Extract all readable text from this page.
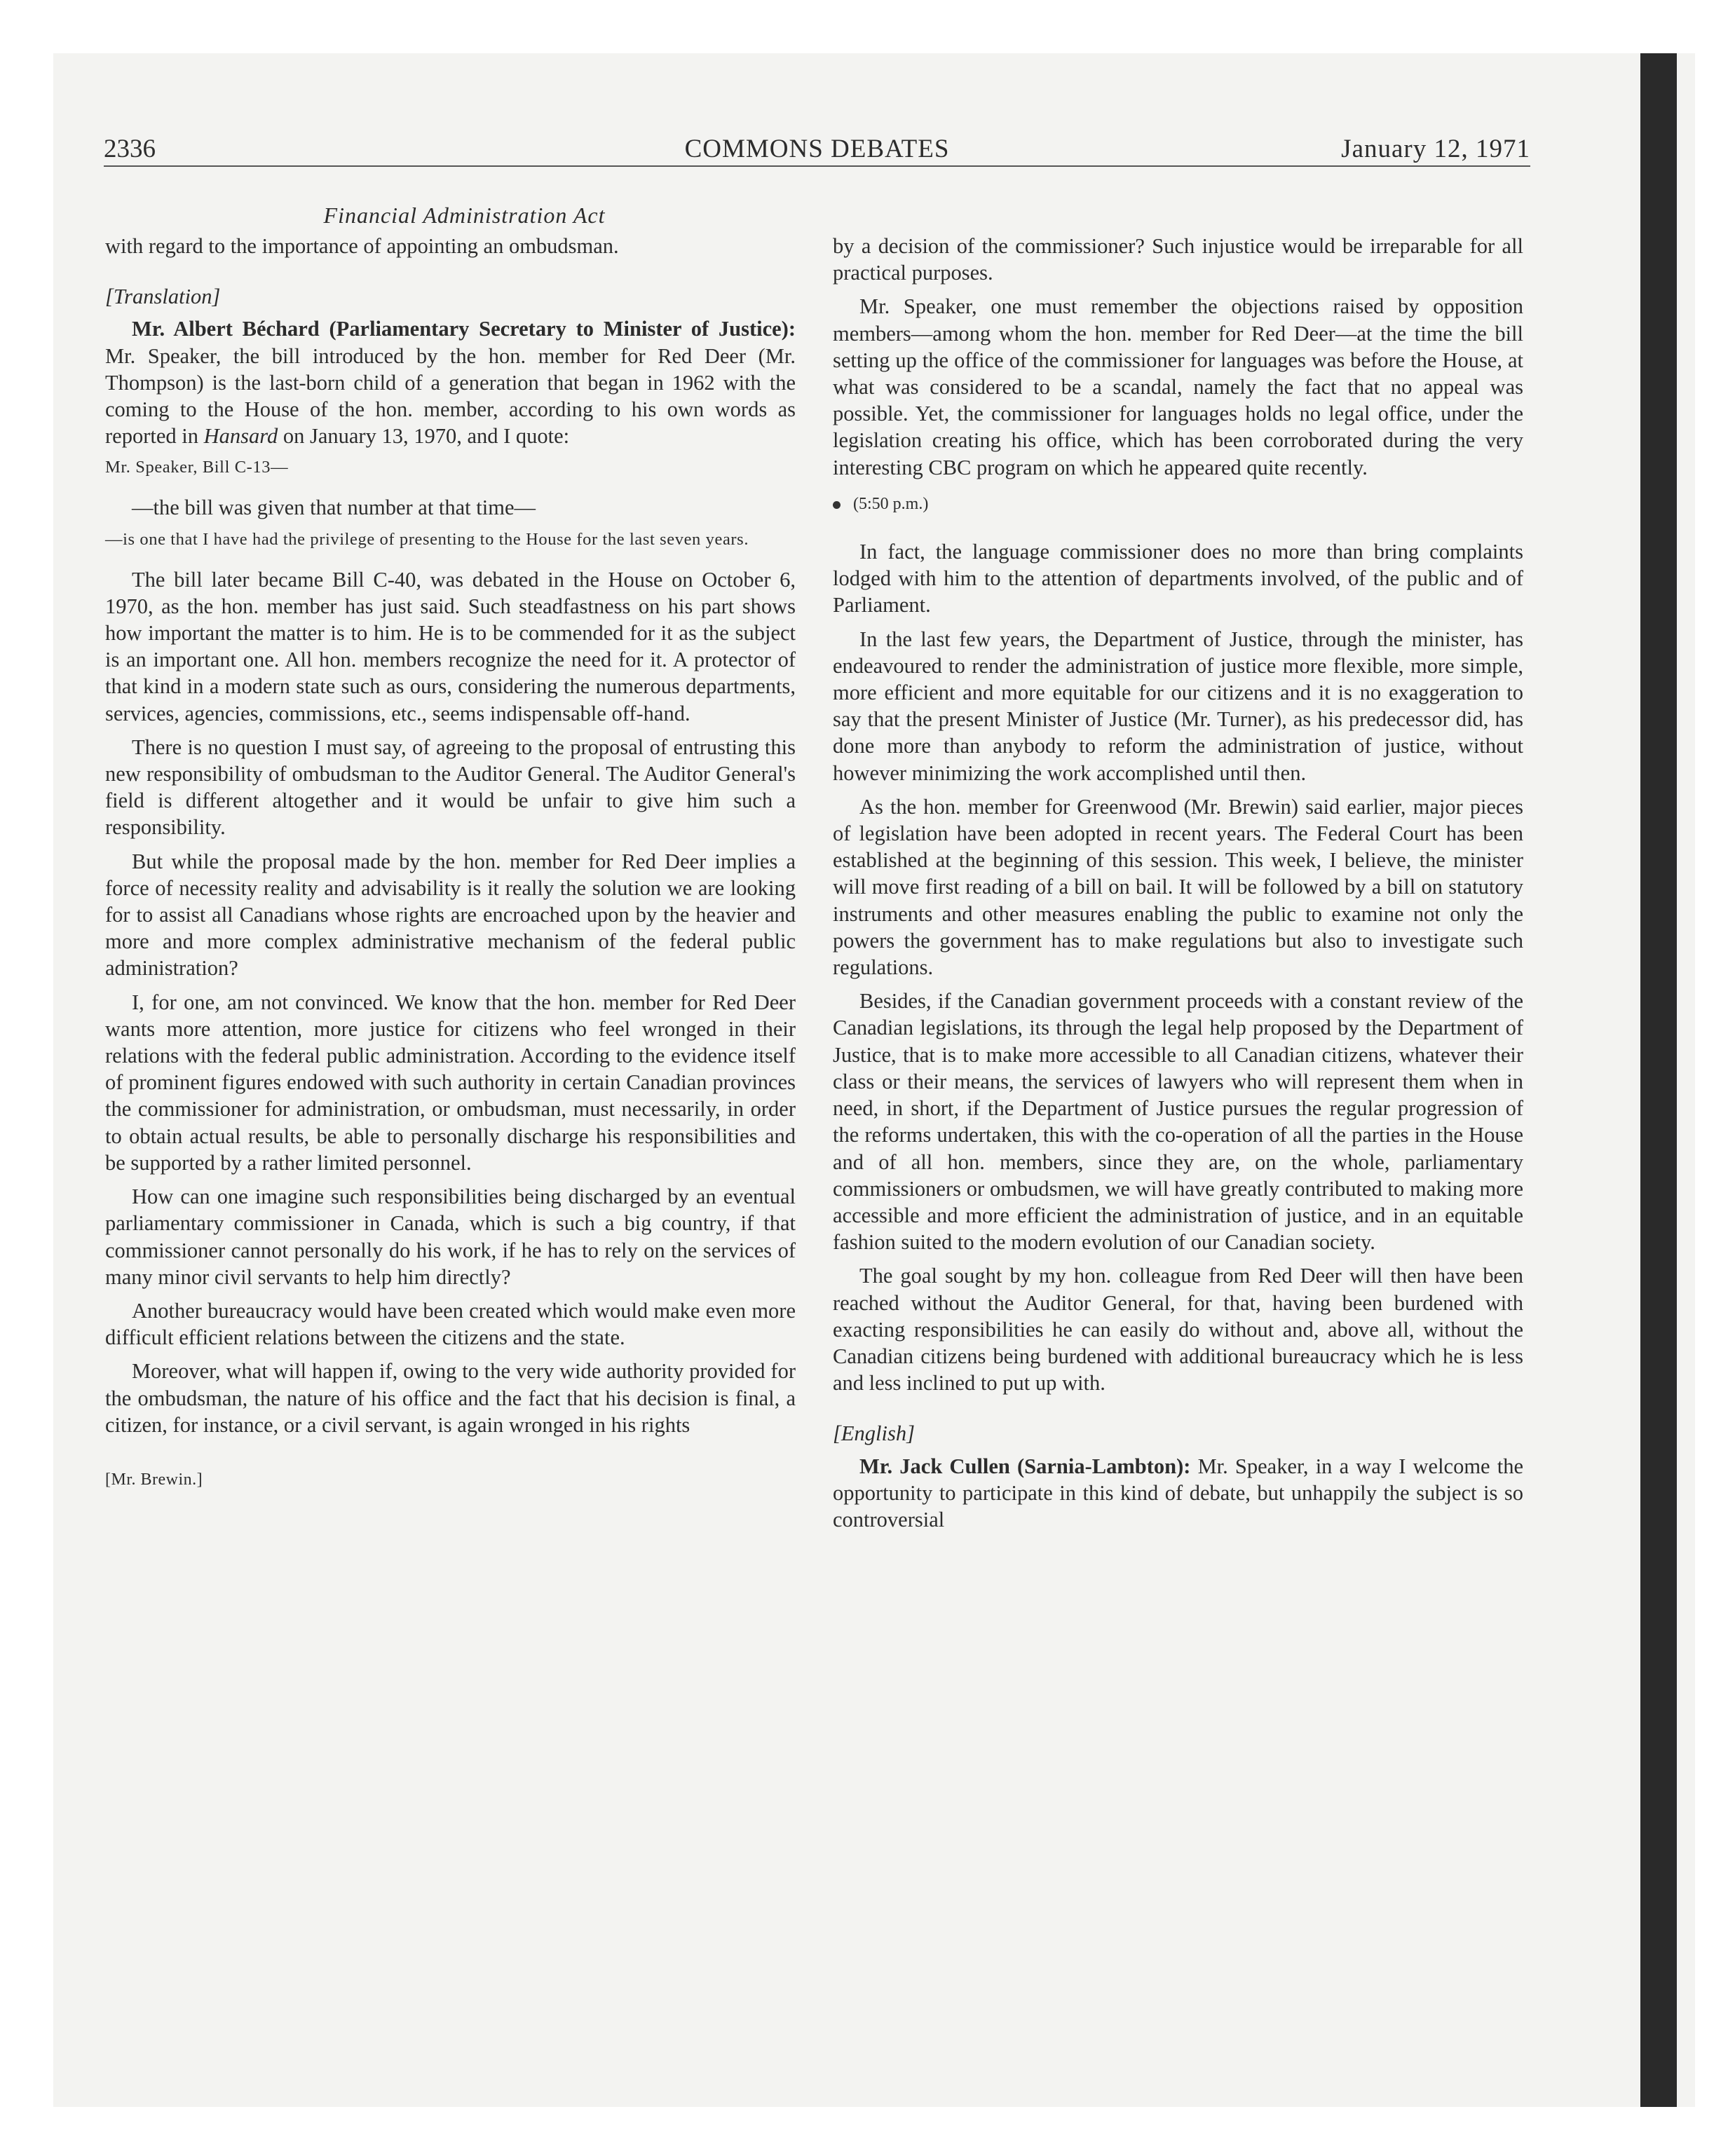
2336	COMMONS DEBATES	January 12, 1971
Financial Administration Act

with regard to the importance of appointing an ombudsman.

[Translation]

Mr. Albert Béchard (Parliamentary Secretary to Minister of Justice): Mr. Speaker, the bill introduced by the hon. member for Red Deer (Mr. Thompson) is the last-born child of a generation that began in 1962 with the coming to the House of the hon. member, according to his own words as reported in Hansard on January 13, 1970, and I quote:

Mr. Speaker, Bill C-13—

—the bill was given that number at that time—

—is one that I have had the privilege of presenting to the House for the last seven years.

The bill later became Bill C-40, was debated in the House on October 6, 1970, as the hon. member has just said. Such steadfastness on his part shows how important the matter is to him. He is to be commended for it as the subject is an important one. All hon. members recognize the need for it. A protector of that kind in a modern state such as ours, considering the numerous departments, services, agencies, commissions, etc., seems indispensable off-hand.

There is no question I must say, of agreeing to the proposal of entrusting this new responsibility of ombudsman to the Auditor General. The Auditor General's field is different altogether and it would be unfair to give him such a responsibility.

But while the proposal made by the hon. member for Red Deer implies a force of necessity reality and advisability is it really the solution we are looking for to assist all Canadians whose rights are encroached upon by the heavier and more and more complex administrative mechanism of the federal public administration?

I, for one, am not convinced. We know that the hon. member for Red Deer wants more attention, more justice for citizens who feel wronged in their relations with the federal public administration. According to the evidence itself of prominent figures endowed with such authority in certain Canadian provinces the commissioner for administration, or ombudsman, must necessarily, in order to obtain actual results, be able to personally discharge his responsibilities and be supported by a rather limited personnel.

How can one imagine such responsibilities being discharged by an eventual parliamentary commissioner in Canada, which is such a big country, if that commissioner cannot personally do his work, if he has to rely on the services of many minor civil servants to help him directly?

Another bureaucracy would have been created which would make even more difficult efficient relations between the citizens and the state.

Moreover, what will happen if, owing to the very wide authority provided for the ombudsman, the nature of his office and the fact that his decision is final, a citizen, for instance, or a civil servant, is again wronged in his rights

[Mr. Brewin.]

by a decision of the commissioner? Such injustice would be irreparable for all practical purposes.

Mr. Speaker, one must remember the objections raised by opposition members—among whom the hon. member for Red Deer—at the time the bill setting up the office of the commissioner for languages was before the House, at what was considered to be a scandal, namely the fact that no appeal was possible. Yet, the commissioner for languages holds no legal office, under the legislation creating his office, which has been corroborated during the very interesting CBC program on which he appeared quite recently.

(5:50 p.m.)

In fact, the language commissioner does no more than bring complaints lodged with him to the attention of departments involved, of the public and of Parliament.

In the last few years, the Department of Justice, through the minister, has endeavoured to render the administration of justice more flexible, more simple, more efficient and more equitable for our citizens and it is no exaggeration to say that the present Minister of Justice (Mr. Turner), as his predecessor did, has done more than anybody to reform the administration of justice, without however minimizing the work accomplished until then.

As the hon. member for Greenwood (Mr. Brewin) said earlier, major pieces of legislation have been adopted in recent years. The Federal Court has been established at the beginning of this session. This week, I believe, the minister will move first reading of a bill on bail. It will be followed by a bill on statutory instruments and other measures enabling the public to examine not only the powers the government has to make regulations but also to investigate such regulations.

Besides, if the Canadian government proceeds with a constant review of the Canadian legislations, its through the legal help proposed by the Department of Justice, that is to make more accessible to all Canadian citizens, whatever their class or their means, the services of lawyers who will represent them when in need, in short, if the Department of Justice pursues the regular progression of the reforms undertaken, this with the co-operation of all the parties in the House and of all hon. members, since they are, on the whole, parliamentary commissioners or ombudsmen, we will have greatly contributed to making more accessible and more efficient the administration of justice, and in an equitable fashion suited to the modern evolution of our Canadian society.

The goal sought by my hon. colleague from Red Deer will then have been reached without the Auditor General, for that, having been burdened with exacting responsibilities he can easily do without and, above all, without the Canadian citizens being burdened with additional bureaucracy which he is less and less inclined to put up with.

[English]

Mr. Jack Cullen (Sarnia-Lambton): Mr. Speaker, in a way I welcome the opportunity to participate in this kind of debate, but unhappily the subject is so controversial
